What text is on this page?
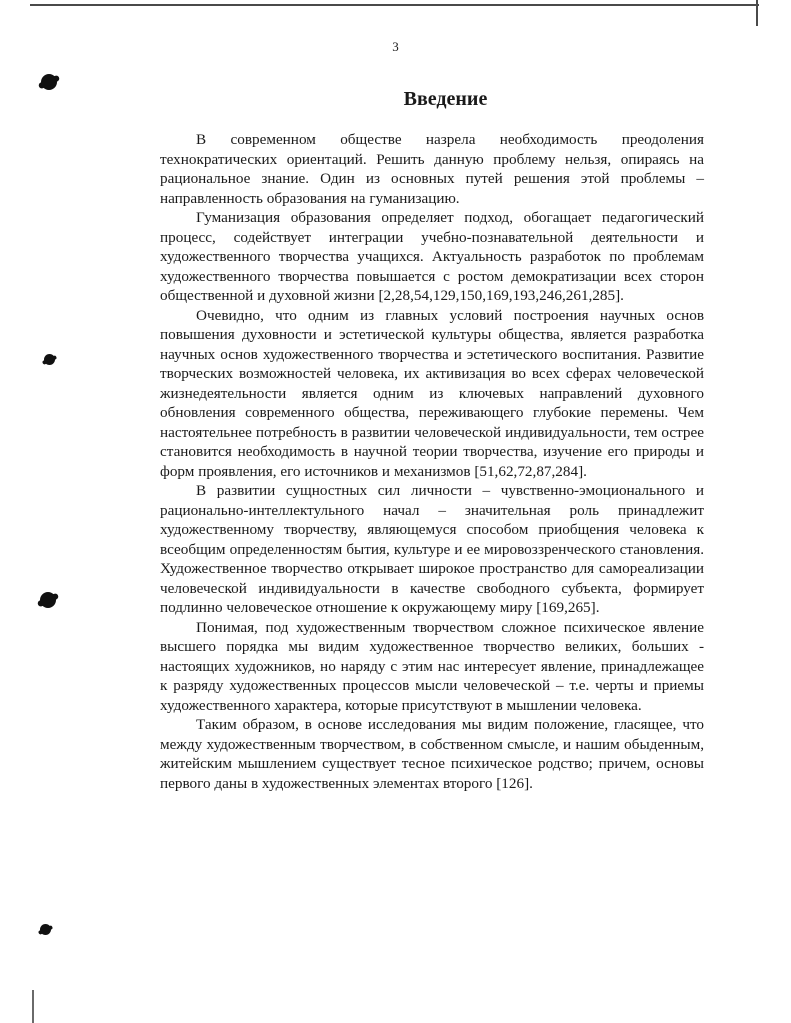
3
Введение

В современном обществе назрела необходимость преодоления технократических ориентаций. Решить данную проблему нельзя, опираясь на рациональное знание. Один из основных путей решения этой проблемы – направленность образования на гуманизацию.

Гуманизация образования определяет подход, обогащает педагогический процесс, содействует интеграции учебно-познавательной деятельности и художественного творчества учащихся. Актуальность разработок по проблемам художественного творчества повышается с ростом демократизации всех сторон общественной и духовной жизни [2,28,54,129,150,169,193,246,261,285].

Очевидно, что одним из главных условий построения научных основ повышения духовности и эстетической культуры общества, является разработка научных основ художественного творчества и эстетического воспитания. Развитие творческих возможностей человека, их активизация во всех сферах человеческой жизнедеятельности является одним из ключевых направлений духовного обновления современного общества, переживающего глубокие перемены. Чем настоятельнее потребность в развитии человеческой индивидуальности, тем острее становится необходимость в научной теории творчества, изучение его природы и форм проявления, его источников и механизмов [51,62,72,87,284].

В развитии сущностных сил личности – чувственно-эмоционального и рационально-интеллектульного начал – значительная роль принадлежит художественному творчеству, являющемуся способом приобщения человека к всеобщим определенностям бытия, культуре и ее мировоззренческого становления. Художественное творчество открывает широкое пространство для самореализации человеческой индивидуальности в качестве свободного субъекта, формирует подлинно человеческое отношение к окружающему миру [169,265].

Понимая, под художественным творчеством сложное психическое явление высшего порядка мы видим художественное творчество великих, больших - настоящих художников, но наряду с этим нас интересует явление, принадлежащее к разряду художественных процессов мысли человеческой – т.е. черты и приемы художественного характера, которые присутствуют в мышлении человека.

Таким образом, в основе исследования мы видим положение, гласящее, что между художественным творчеством, в собственном смысле, и нашим обыденным, житейским мышлением существует тесное психическое родство; причем, основы первого даны в художественных элементах второго [126].
